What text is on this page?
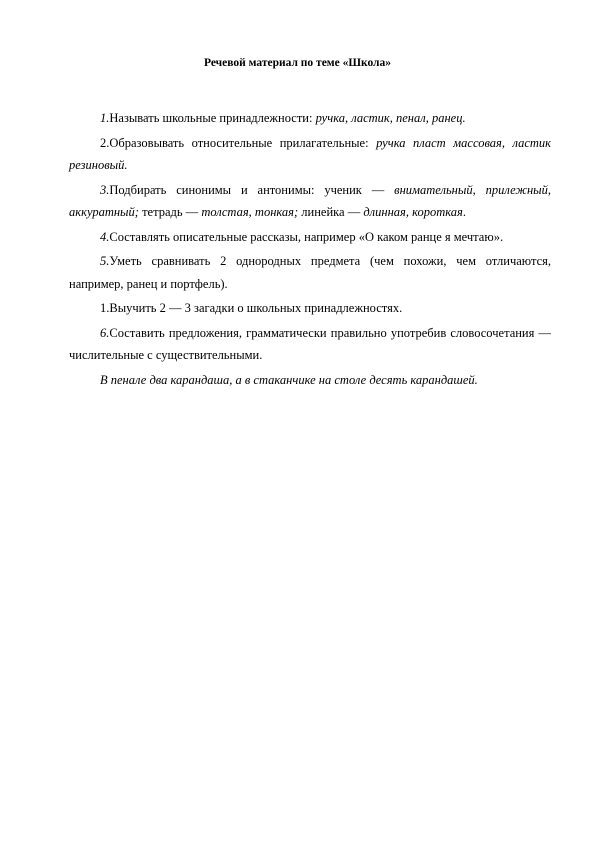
Речевой материал по теме «Школа»

1.Называть школьные принадлежности: ручка, ластик, пенал, ранец.

2.Образовывать относительные прилагательные: ручка пласт массовая, ластик резиновый.

3.Подбирать синонимы и антонимы: ученик — внимательный, прилежный, аккуратный; тетрадь — толстая, тонкая; линейка — длинная, короткая.

4.Составлять описательные рассказы, например «О каком ранце я мечтаю».

5.Уметь сравнивать 2 однородных предмета (чем похожи, чем отличаются, например, ранец и портфель).

1.Выучить 2 — 3 загадки о школьных принадлежностях.

6.Составить предложения, грамматически правильно употребив словосочетания — числительные с существительными.

В пенале два карандаша, а в стаканчике на столе десять карандашей.
